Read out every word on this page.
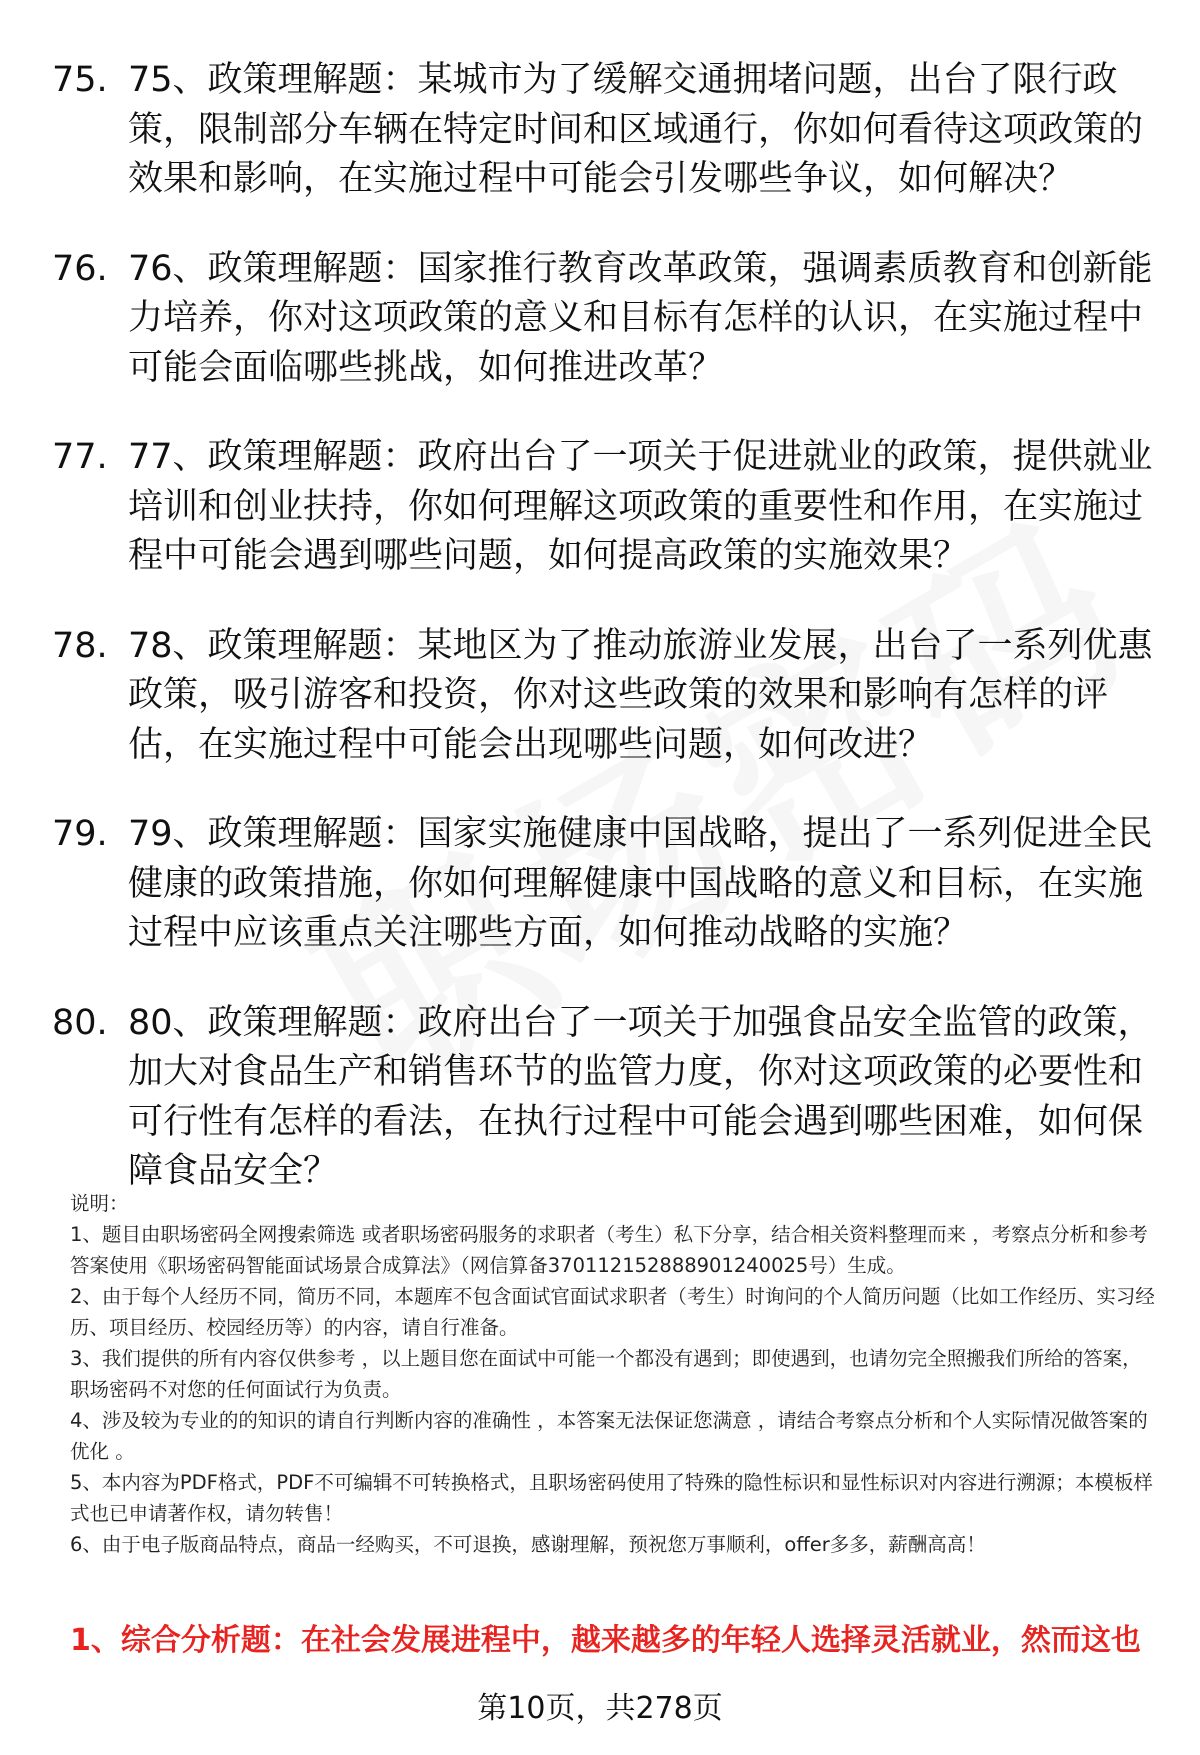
75. 75、政策理解题：某城市为了缓解交通拥堵问题，出台了限行政策，限制部分车辆在特定时间和区域通行，你如何看待这项政策的效果和影响，在实施过程中可能会引发哪些争议，如何解决？
76. 76、政策理解题：国家推行教育改革政策，强调素质教育和创新能力培养，你对这项政策的意义和目标有怎样的认识，在实施过程中可能会面临哪些挑战，如何推进改革？
77. 77、政策理解题：政府出台了一项关于促进就业的政策，提供就业培训和创业扶持，你如何理解这项政策的重要性和作用，在实施过程中可能会遇到哪些问题，如何提高政策的实施效果？
78. 78、政策理解题：某地区为了推动旅游业发展，出台了一系列优惠政策，吸引游客和投资，你对这些政策的效果和影响有怎样的评估，在实施过程中可能会出现哪些问题，如何改进？
79. 79、政策理解题：国家实施健康中国战略，提出了一系列促进全民健康的政策措施，你如何理解健康中国战略的意义和目标，在实施过程中应该重点关注哪些方面，如何推动战略的实施？
80. 80、政策理解题：政府出台了一项关于加强食品安全监管的政策，加大对食品生产和销售环节的监管力度，你对这项政策的必要性和可行性有怎样的看法，在执行过程中可能会遇到哪些困难，如何保障食品安全？

说明：

1、题目由职场密码全网搜索筛选 或者职场密码服务的求职者（考生）私下分享，结合相关资料整理而来 ，考察点分析和参考答案使用《职场密码智能面试场景合成算法》（网信算备370112152888901240025号）生成。

2、由于每个人经历不同，简历不同，本题库不包含面试官面试求职者（考生）时询问的个人简历问题（比如工作经历、实习经历、项目经历、校园经历等）的内容，请自行准备。

3、我们提供的所有内容仅供参考 ，以上题目您在面试中可能一个都没有遇到；即使遇到，也请勿完全照搬我们所给的答案，职场密码不对您的任何面试行为负责。

4、涉及较为专业的的知识的请自行判断内容的准确性 ，本答案无法保证您满意 ，请结合考察点分析和个人实际情况做答案的优化 。

5、本内容为PDF格式，PDF不可编辑不可转换格式，且职场密码使用了特殊的隐性标识和显性标识对内容进行溯源；本模板样式也已申请著作权，请勿转售！

6、由于电子版商品特点，商品一经购买，不可退换，感谢理解，预祝您万事顺利，offer多多，薪酬高高！

1、综合分析题：在社会发展进程中，越来越多的年轻人选择灵活就业，然而这也
第10页，共278页
